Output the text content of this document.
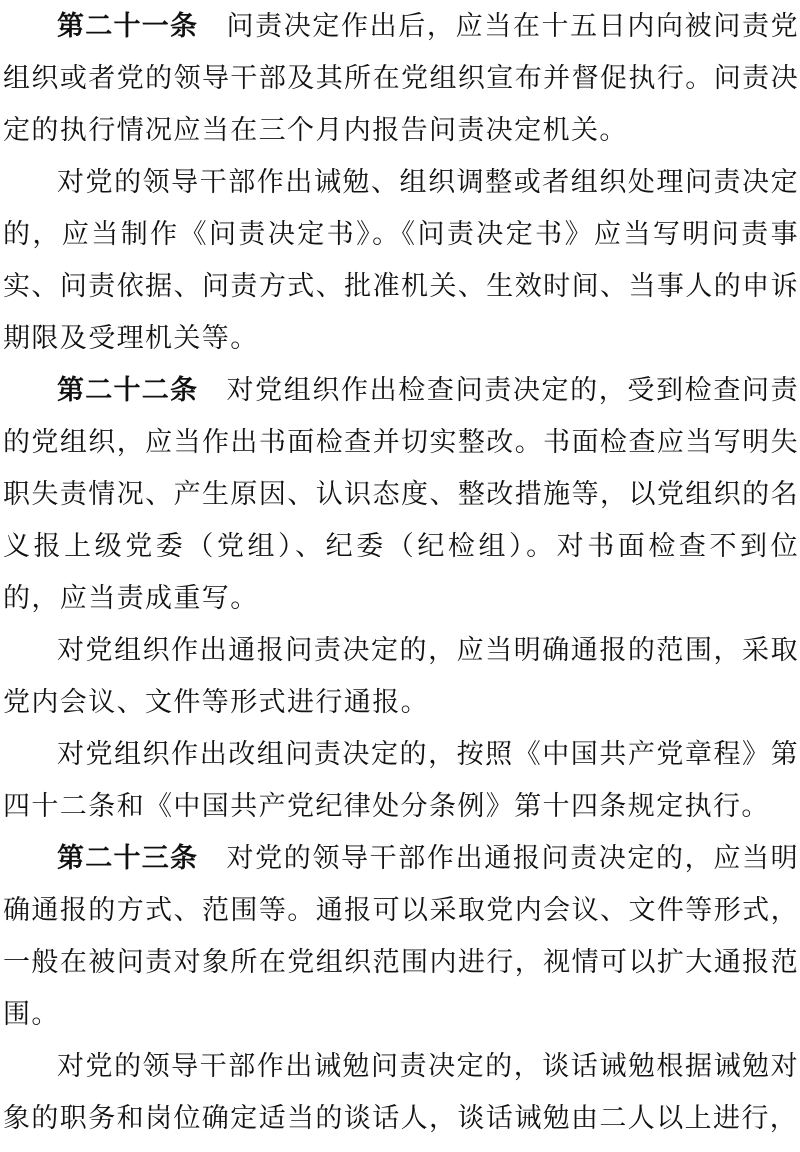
第二十一条 问责决定作出后，应当在十五日内向被问责党组织或者党的领导干部及其所在党组织宣布并督促执行。问责决定的执行情况应当在三个月内报告问责决定机关。

对党的领导干部作出诫勉、组织调整或者组织处理问责决定的，应当制作《问责决定书》。《问责决定书》应当写明问责事实、问责依据、问责方式、批准机关、生效时间、当事人的申诉期限及受理机关等。

第二十二条 对党组织作出检查问责决定的，受到检查问责的党组织，应当作出书面检查并切实整改。书面检查应当写明失职失责情况、产生原因、认识态度、整改措施等，以党组织的名义报上级党委（党组）、纪委（纪检组）。对书面检查不到位的，应当责成重写。

对党组织作出通报问责决定的，应当明确通报的范围，采取党内会议、文件等形式进行通报。

对党组织作出改组问责决定的，按照《中国共产党章程》第四十二条和《中国共产党纪律处分条例》第十四条规定执行。

第二十三条 对党的领导干部作出通报问责决定的，应当明确通报的方式、范围等。通报可以采取党内会议、文件等形式，一般在被问责对象所在党组织范围内进行，视情可以扩大通报范围。

对党的领导干部作出诫勉问责决定的，谈话诫勉根据诫勉对象的职务和岗位确定适当的谈话人，谈话诫勉由二人以上进行，
